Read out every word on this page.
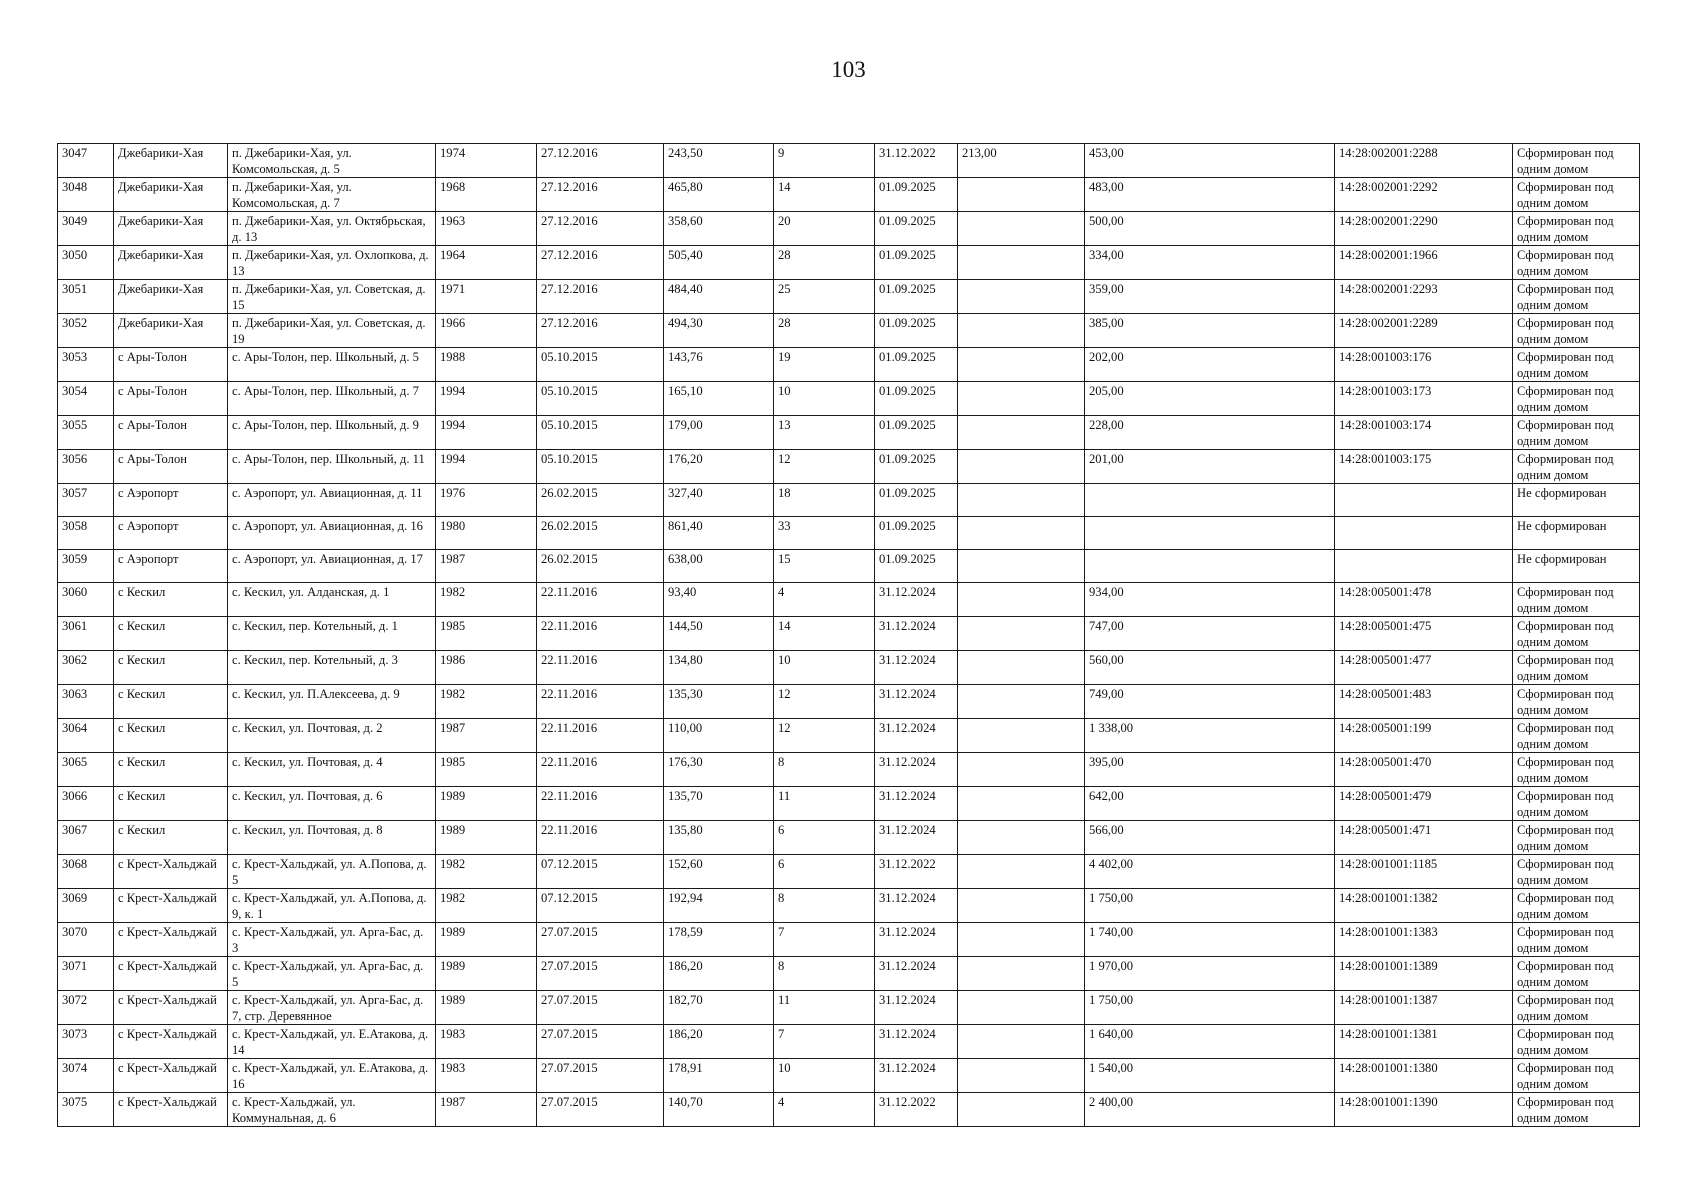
103
3047	Джебарики-Хая	п. Джебарики-Хая, ул. Комсомольская, д. 5	1974	27.12.2016	243,50	9	31.12.2022	213,00	453,00		14:28:002001:2288	Сформирован под одним домом
3048	Джебарики-Хая	п. Джебарики-Хая, ул. Комсомольская, д. 7	1968	27.12.2016	465,80	14	01.09.2025		483,00		14:28:002001:2292	Сформирован под одним домом
3049	Джебарики-Хая	п. Джебарики-Хая, ул. Октябрьская, д. 13	1963	27.12.2016	358,60	20	01.09.2025		500,00		14:28:002001:2290	Сформирован под одним домом
3050	Джебарики-Хая	п. Джебарики-Хая, ул. Охлопкова, д. 13	1964	27.12.2016	505,40	28	01.09.2025		334,00		14:28:002001:1966	Сформирован под одним домом
3051	Джебарики-Хая	п. Джебарики-Хая, ул. Советская, д. 15	1971	27.12.2016	484,40	25	01.09.2025		359,00		14:28:002001:2293	Сформирован под одним домом
3052	Джебарики-Хая	п. Джебарики-Хая, ул. Советская, д. 19	1966	27.12.2016	494,30	28	01.09.2025		385,00		14:28:002001:2289	Сформирован под одним домом
3053	с Ары-Толон	с. Ары-Толон, пер. Школьный, д. 5	1988	05.10.2015	143,76	19	01.09.2025		202,00		14:28:001003:176	Сформирован под одним домом
3054	с Ары-Толон	с. Ары-Толон, пер. Школьный, д. 7	1994	05.10.2015	165,10	10	01.09.2025		205,00		14:28:001003:173	Сформирован под одним домом
3055	с Ары-Толон	с. Ары-Толон, пер. Школьный, д. 9	1994	05.10.2015	179,00	13	01.09.2025		228,00		14:28:001003:174	Сформирован под одним домом
3056	с Ары-Толон	с. Ары-Толон, пер. Школьный, д. 11	1994	05.10.2015	176,20	12	01.09.2025		201,00		14:28:001003:175	Сформирован под одним домом
3057	с Аэропорт	с. Аэропорт, ул. Авиационная, д. 11	1976	26.02.2015	327,40	18	01.09.2025					Не сформирован
3058	с Аэропорт	с. Аэропорт, ул. Авиационная, д. 16	1980	26.02.2015	861,40	33	01.09.2025					Не сформирован
3059	с Аэропорт	с. Аэропорт, ул. Авиационная, д. 17	1987	26.02.2015	638,00	15	01.09.2025					Не сформирован
3060	с Кескил	с. Кескил, ул. Алданская, д. 1	1982	22.11.2016	93,40	4	31.12.2024		934,00		14:28:005001:478	Сформирован под одним домом
3061	с Кескил	с. Кескил, пер. Котельный, д. 1	1985	22.11.2016	144,50	14	31.12.2024		747,00		14:28:005001:475	Сформирован под одним домом
3062	с Кескил	с. Кескил, пер. Котельный, д. 3	1986	22.11.2016	134,80	10	31.12.2024		560,00		14:28:005001:477	Сформирован под одним домом
3063	с Кескил	с. Кескил, ул. П.Алексеева, д. 9	1982	22.11.2016	135,30	12	31.12.2024		749,00		14:28:005001:483	Сформирован под одним домом
3064	с Кескил	с. Кескил, ул. Почтовая, д. 2	1987	22.11.2016	110,00	12	31.12.2024		1 338,00		14:28:005001:199	Сформирован под одним домом
3065	с Кескил	с. Кескил, ул. Почтовая, д. 4	1985	22.11.2016	176,30	8	31.12.2024		395,00		14:28:005001:470	Сформирован под одним домом
3066	с Кескил	с. Кескил, ул. Почтовая, д. 6	1989	22.11.2016	135,70	11	31.12.2024		642,00		14:28:005001:479	Сформирован под одним домом
3067	с Кескил	с. Кескил, ул. Почтовая, д. 8	1989	22.11.2016	135,80	6	31.12.2024		566,00		14:28:005001:471	Сформирован под одним домом
3068	с Крест-Хальджай	с. Крест-Хальджай, ул. А.Попова, д. 5	1982	07.12.2015	152,60	6	31.12.2022		4 402,00		14:28:001001:1185	Сформирован под одним домом
3069	с Крест-Хальджай	с. Крест-Хальджай, ул. А.Попова, д. 9, к. 1	1982	07.12.2015	192,94	8	31.12.2024		1 750,00		14:28:001001:1382	Сформирован под одним домом
3070	с Крест-Хальджай	с. Крест-Хальджай, ул. Арга-Бас, д. 3	1989	27.07.2015	178,59	7	31.12.2024		1 740,00		14:28:001001:1383	Сформирован под одним домом
3071	с Крест-Хальджай	с. Крест-Хальджай, ул. Арга-Бас, д. 5	1989	27.07.2015	186,20	8	31.12.2024		1 970,00		14:28:001001:1389	Сформирован под одним домом
3072	с Крест-Хальджай	с. Крест-Хальджай, ул. Арга-Бас, д. 7, стр. Деревянное	1989	27.07.2015	182,70	11	31.12.2024		1 750,00		14:28:001001:1387	Сформирован под одним домом
3073	с Крест-Хальджай	с. Крест-Хальджай, ул. Е.Атакова, д. 14	1983	27.07.2015	186,20	7	31.12.2024		1 640,00		14:28:001001:1381	Сформирован под одним домом
3074	с Крест-Хальджай	с. Крест-Хальджай, ул. Е.Атакова, д. 16	1983	27.07.2015	178,91	10	31.12.2024		1 540,00		14:28:001001:1380	Сформирован под одним домом
3075	с Крест-Хальджай	с. Крест-Хальджай, ул. Коммунальная, д. 6	1987	27.07.2015	140,70	4	31.12.2022		2 400,00		14:28:001001:1390	Сформирован под одним домом
